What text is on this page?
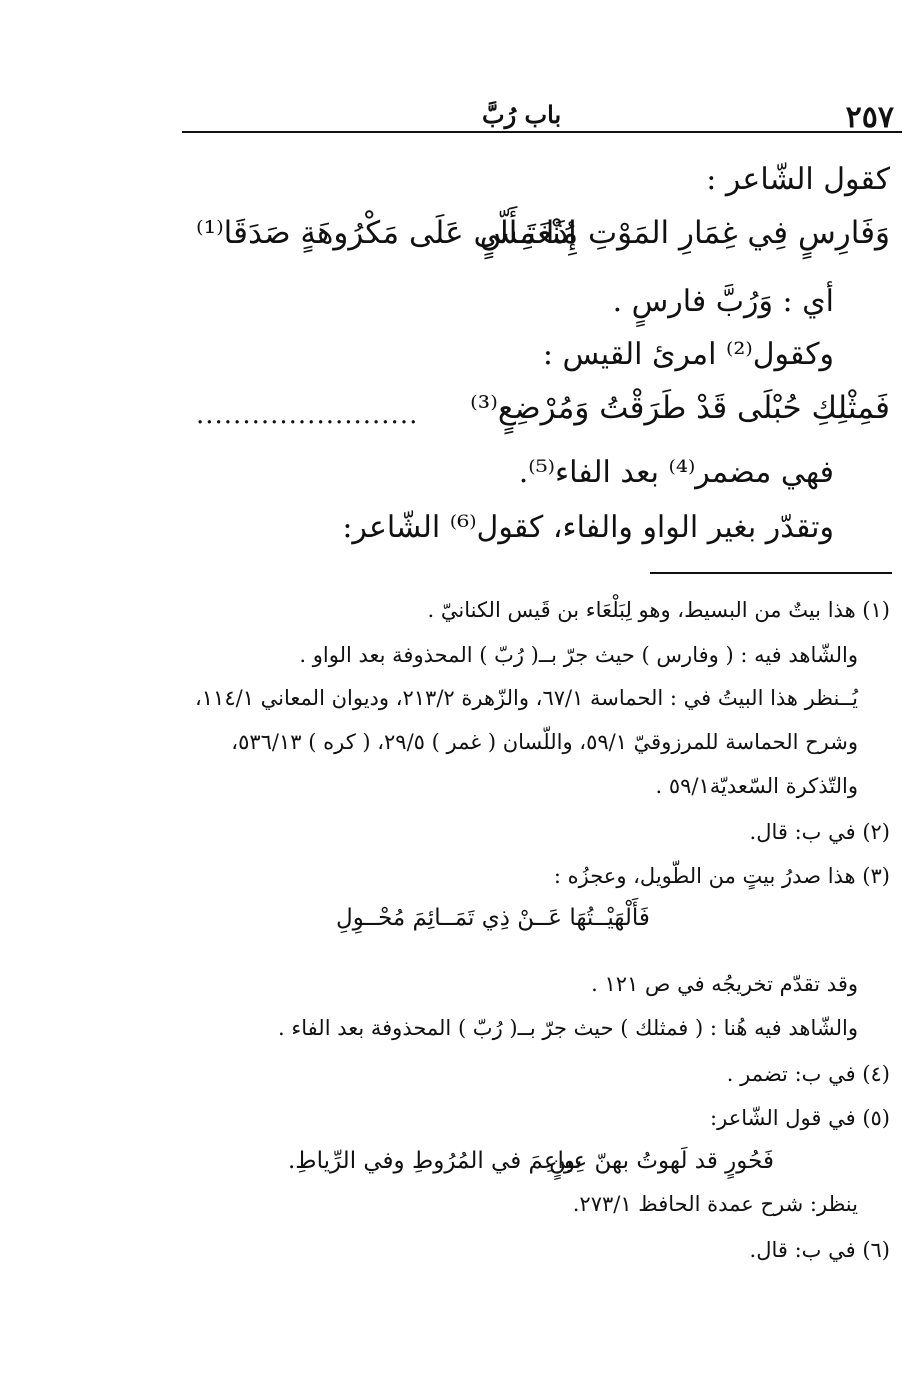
٢٥٧
باب رُبَّ
كقول الشّاعر :
إِذَا تَـأَلّى عَلَى مَكْرُوهَةٍ صَدَقَا⁽¹⁾
وَفَارِسٍ فِي غِمَارِ المَوْتِ مُنْغَمِسٍ
أي : وَرُبَّ فارسٍ .
وكقول⁽²⁾ امرئ القيس :
فَمِثْلِكِ حُبْلَى قَدْ طَرَقْتُ وَمُرْضِعٍ⁽³⁾
........................
فهي مضمر⁽⁴⁾ بعد الفاء⁽⁵⁾.
وتقدّر بغير الواو والفاء، كقول⁽⁶⁾ الشّاعر:
(١) هذا بيتٌ من البسيط، وهو لِبَلْعَاء بن قَيس الكنانيّ .
والشّاهد فيه : ( وفارس ) حيث جرّ بــ( رُبّ ) المحذوفة بعد الواو .
يُــنظر هذا البيتُ في : الحماسة ٦٧/١، والزّهرة ٢١٣/٢، وديوان المعاني ١١٤/١،
وشرح الحماسة للمرزوقيّ ٥٩/١، واللّسان ( غمر ) ٢٩/٥، ( كره ) ٥٣٦/١٣،
والتّذكرة السّعديّة٥٩/١ .
(٢) في ب: قال.
(٣) هذا صدرُ بيتٍ من الطّويل، وعجزُه :
فَأَلْهَيْــتُهَا عَــنْ ذِي تَمَــائِمَ مُحْــوِلِ
وقد تقدّم تخريجُه في ص ١٢١ .
والشّاهد فيه هُنا : ( فمثلك ) حيث جرّ بــ( رُبّ ) المحذوفة بعد الفاء .
(٤) في ب: تضمر .
(٥) في قول الشّاعر:
نواعِمَ في المُرُوطِ وفي الرِّياطِ.
فَحُورٍ قد لَهوتُ بهنّ عِينٍ
ينظر: شرح عمدة الحافظ ٢٧٣/١.
(٦) في ب: قال.
